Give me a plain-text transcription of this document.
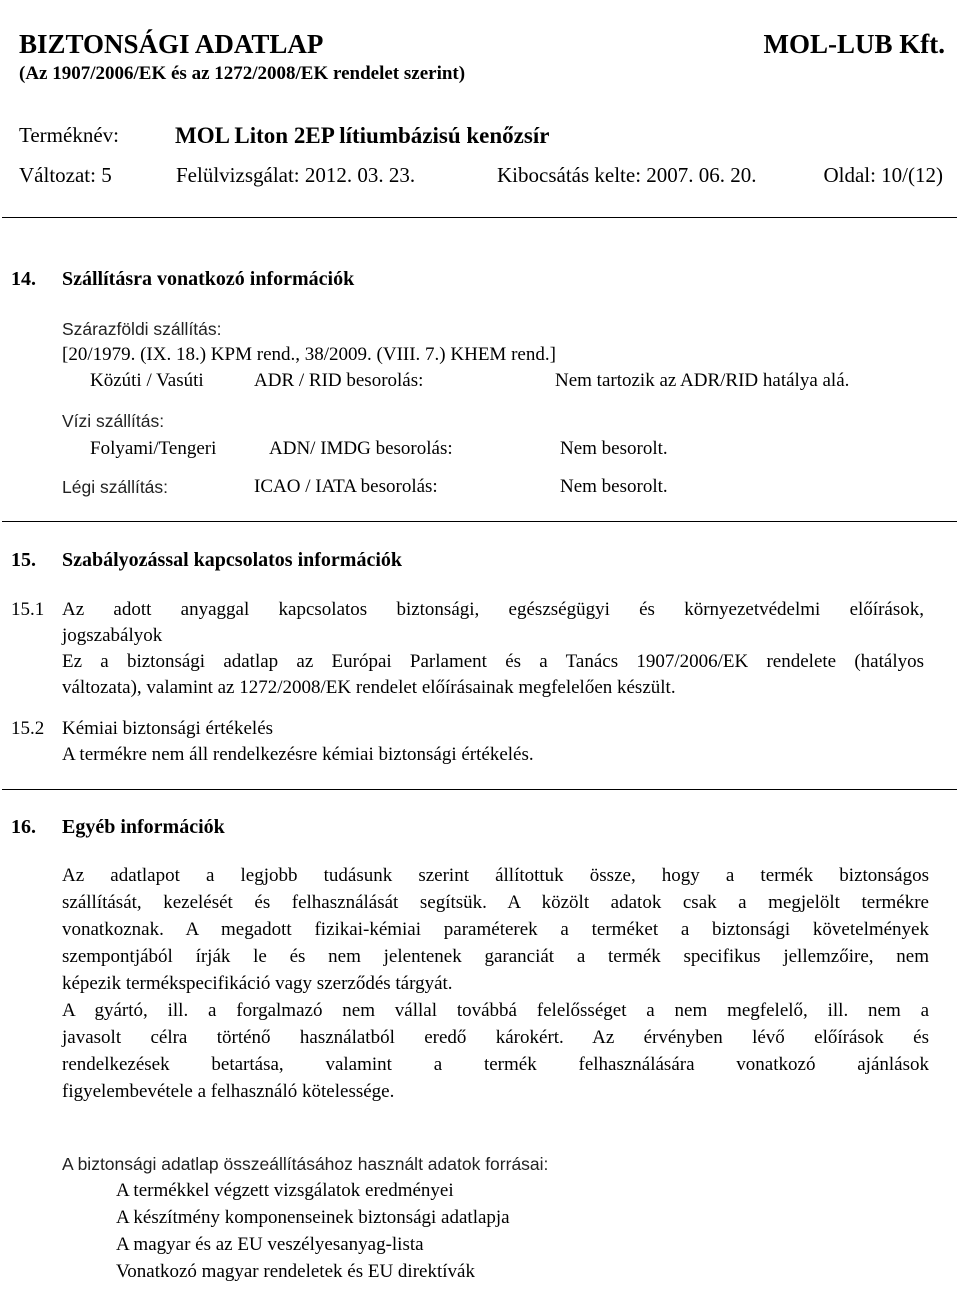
BIZTONSÁGI ADATLAP	MOL-LUB Kft.
(Az 1907/2006/EK és az 1272/2008/EK rendelet szerint)
Terméknév: MOL Liton 2EP lítiumbázisú kenőzsír
Változat: 5	Felülvizsgálat: 2012. 03. 23.	Kibocsátás kelte: 2007. 06. 20.	Oldal: 10/(12)
14. Szállításra vonatkozó információk
Szárazföldi szállítás:
[20/1979. (IX. 18.) KPM rend., 38/2009. (VIII. 7.) KHEM rend.]
Közúti / Vasúti	ADR / RID besorolás:	Nem tartozik az ADR/RID hatálya alá.
Vízi szállítás:
Folyami/Tengeri	ADN/ IMDG besorolás:	Nem besorolt.
Légi szállítás:	ICAO / IATA besorolás:	Nem besorolt.
15. Szabályozással kapcsolatos információk
15.1 Az adott anyaggal kapcsolatos biztonsági, egészségügyi és környezetvédelmi előírások,
jogszabályok
Ez a biztonsági adatlap az Európai Parlament és a Tanács 1907/2006/EK rendelete (hatályos
változata), valamint az 1272/2008/EK rendelet előírásainak megfelelően készült.
15.2 Kémiai biztonsági értékelés
A termékre nem áll rendelkezésre kémiai biztonsági értékelés.
16. Egyéb információk
Az adatlapot a legjobb tudásunk szerint állítottuk össze, hogy a termék biztonságos
szállítását, kezelését és felhasználását segítsük. A közölt adatok csak a megjelölt termékre
vonatkoznak. A megadott fizikai-kémiai paraméterek a terméket a biztonsági követelmények
szempontjából írják le és nem jelentenek garanciát a termék specifikus jellemzőire, nem
képezik termékspecifikáció vagy szerződés tárgyát.
A gyártó, ill. a forgalmazó nem vállal továbbá felelősséget a nem megfelelő, ill. nem a
javasolt célra történő használatból eredő károkért. Az érvényben lévő előírások és
rendelkezések betartása, valamint a termék felhasználására vonatkozó ajánlások
figyelembevétele a felhasználó kötelessége.
A biztonsági adatlap összeállításához használt adatok forrásai:
A termékkel végzett vizsgálatok eredményei
A készítmény komponenseinek biztonsági adatlapja
A magyar és az EU veszélyesanyag-lista
Vonatkozó magyar rendeletek és EU direktívák
